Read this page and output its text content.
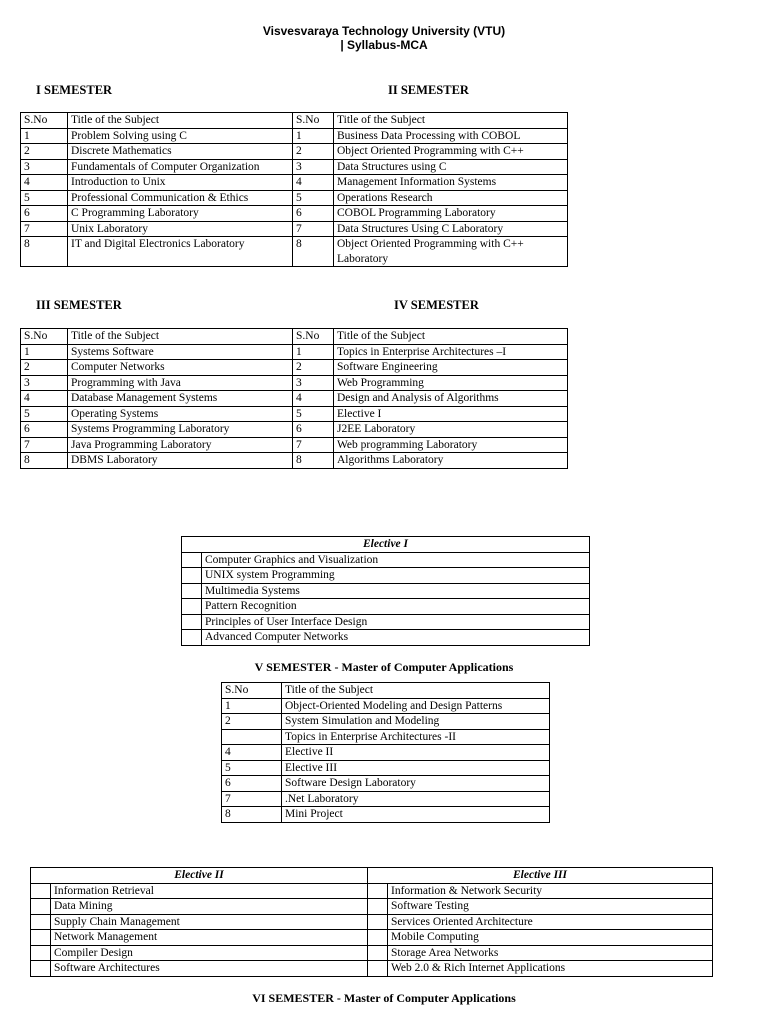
Visvesvaraya Technology University (VTU)
| Syllabus-MCA
I SEMESTER	II SEMESTER
S.No	Title of the Subject	S.No	Title of the Subject
1	Problem Solving using C	1	Business Data Processing with COBOL
2	Discrete Mathematics	2	Object Oriented Programming with C++
3	Fundamentals of Computer Organization	3	Data Structures using C
4	Introduction to Unix	4	Management Information Systems
5	Professional Communication & Ethics	5	Operations Research
6	C Programming Laboratory	6	COBOL Programming Laboratory
7	Unix Laboratory	7	Data Structures Using C Laboratory
8	IT and Digital Electronics Laboratory	8	Object Oriented Programming with C++ Laboratory
III SEMESTER	IV SEMESTER
S.No	Title of the Subject	S.No	Title of the Subject
1	Systems Software	1	Topics in Enterprise Architectures –I
2	Computer Networks	2	Software Engineering
3	Programming with Java	3	Web Programming
4	Database Management Systems	4	Design and Analysis of Algorithms
5	Operating Systems	5	Elective I
6	Systems Programming Laboratory	6	J2EE Laboratory
7	Java Programming Laboratory	7	Web programming Laboratory
8	DBMS Laboratory	8	Algorithms Laboratory
Elective I	
	Computer Graphics and Visualization
	UNIX system Programming
	Multimedia Systems
	Pattern Recognition
	Principles of User Interface Design
	Advanced Computer Networks
V SEMESTER - Master of Computer Applications
S.No	Title of the Subject
1	Object-Oriented Modeling and Design Patterns
2	System Simulation and Modeling
	Topics in Enterprise Architectures -II
4	Elective II
5	Elective III
6	Software Design Laboratory
7	.Net Laboratory
8	Mini Project
Elective II		Elective III	
	Information Retrieval		Information & Network Security
	Data Mining		Software Testing
	Supply Chain Management		Services Oriented Architecture
	Network Management		Mobile Computing
	Compiler Design		Storage Area Networks
	Software Architectures		Web 2.0 & Rich Internet Applications
VI SEMESTER - Master of Computer Applications
